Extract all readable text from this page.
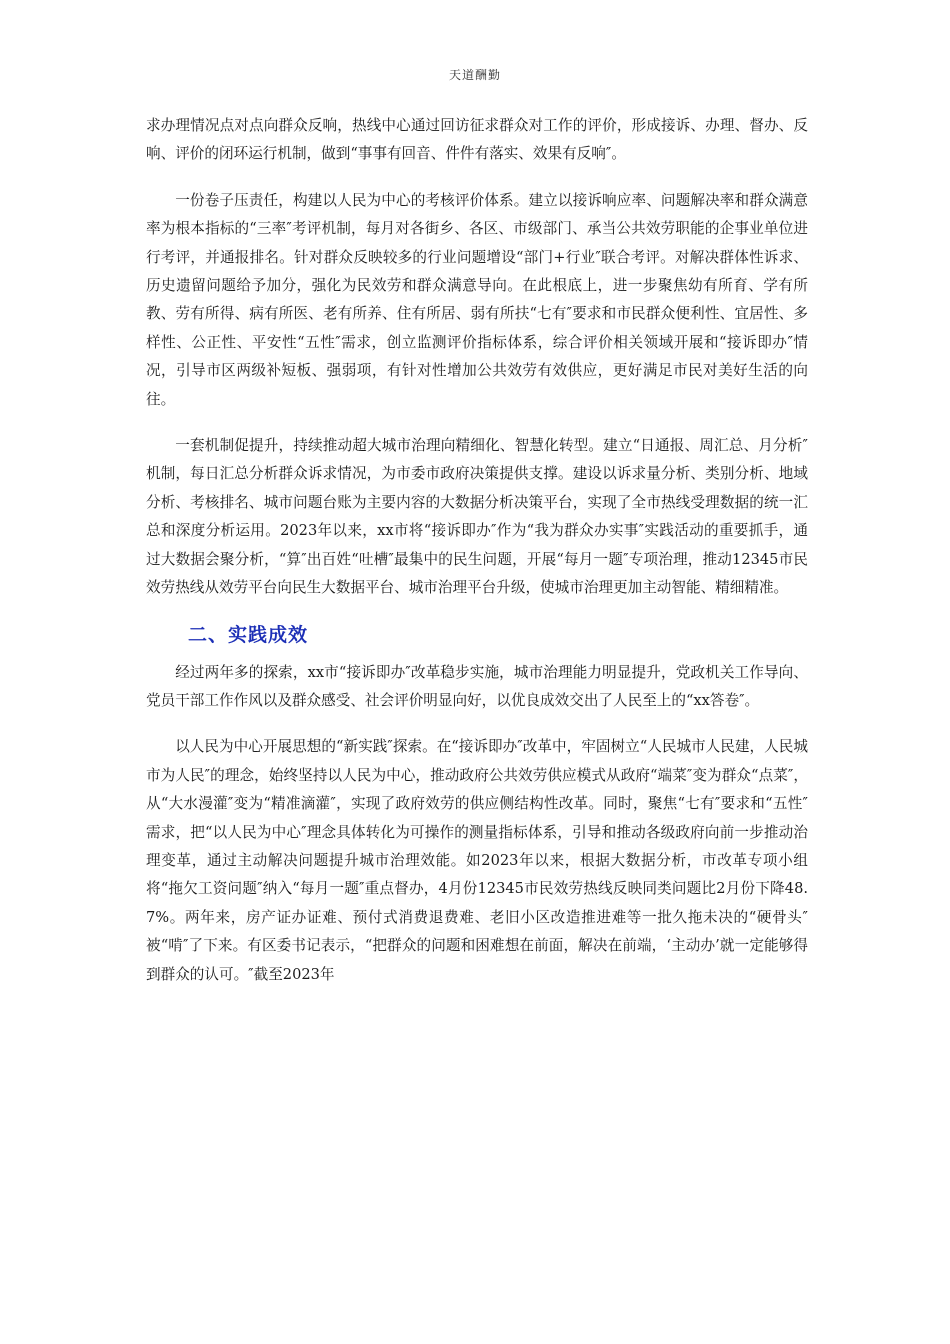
天道酬勤

求办理情况点对点向群众反响，热线中心通过回访征求群众对工作的评价，形成接诉、办理、督办、反响、评价的闭环运行机制，做到“事事有回音、件件有落实、效果有反响″。

一份卷子压责任，构建以人民为中心的考核评价体系。建立以接诉响应率、问题解决率和群众满意率为根本指标的“三率″考评机制，每月对各街乡、各区、市级部门、承当公共效劳职能的企事业单位进行考评，并通报排名。针对群众反映较多的行业问题增设“部门+行业″联合考评。对解决群体性诉求、历史遗留问题给予加分，强化为民效劳和群众满意导向。在此根底上，进一步聚焦幼有所育、学有所教、劳有所得、病有所医、老有所养、住有所居、弱有所扶“七有″要求和市民群众便利性、宜居性、多样性、公正性、平安性“五性″需求，创立监测评价指标体系，综合评价相关领域开展和“接诉即办″情况，引导市区两级补短板、强弱项，有针对性增加公共效劳有效供应，更好满足市民对美好生活的向往。

一套机制促提升，持续推动超大城市治理向精细化、智慧化转型。建立“日通报、周汇总、月分析″机制，每日汇总分析群众诉求情况，为市委市政府决策提供支撑。建设以诉求量分析、类别分析、地域分析、考核排名、城市问题台账为主要内容的大数据分析决策平台，实现了全市热线受理数据的统一汇总和深度分析运用。2023年以来，xx市将“接诉即办″作为“我为群众办实事″实践活动的重要抓手，通过大数据会聚分析，“算″出百姓“吐槽″最集中的民生问题，开展“每月一题″专项治理，推动12345市民效劳热线从效劳平台向民生大数据平台、城市治理平台升级，使城市治理更加主动智能、精细精准。

二、实践成效

经过两年多的探索，xx市“接诉即办″改革稳步实施，城市治理能力明显提升，党政机关工作导向、党员干部工作作风以及群众感受、社会评价明显向好，以优良成效交出了人民至上的“xx答卷″。

以人民为中心开展思想的“新实践″探索。在“接诉即办″改革中，牢固树立“人民城市人民建，人民城市为人民″的理念，始终坚持以人民为中心，推动政府公共效劳供应模式从政府“端菜″变为群众“点菜″，从“大水漫灌″变为“精准滴灌″，实现了政府效劳的供应侧结构性改革。同时，聚焦“七有″要求和“五性″需求，把“以人民为中心″理念具体转化为可操作的测量指标体系，引导和推动各级政府向前一步推动治理变革，通过主动解决问题提升城市治理效能。如2023年以来，根据大数据分析，市改革专项小组将“拖欠工资问题″纳入“每月一题″重点督办，4月份12345市民效劳热线反映同类问题比2月份下降48.7%。两年来，房产证办证难、预付式消费退费难、老旧小区改造推进难等一批久拖未决的“硬骨头″被“啃″了下来。有区委书记表示，“把群众的问题和困难想在前面，解决在前端，‘主动办’就一定能够得到群众的认可。″截至2023年
